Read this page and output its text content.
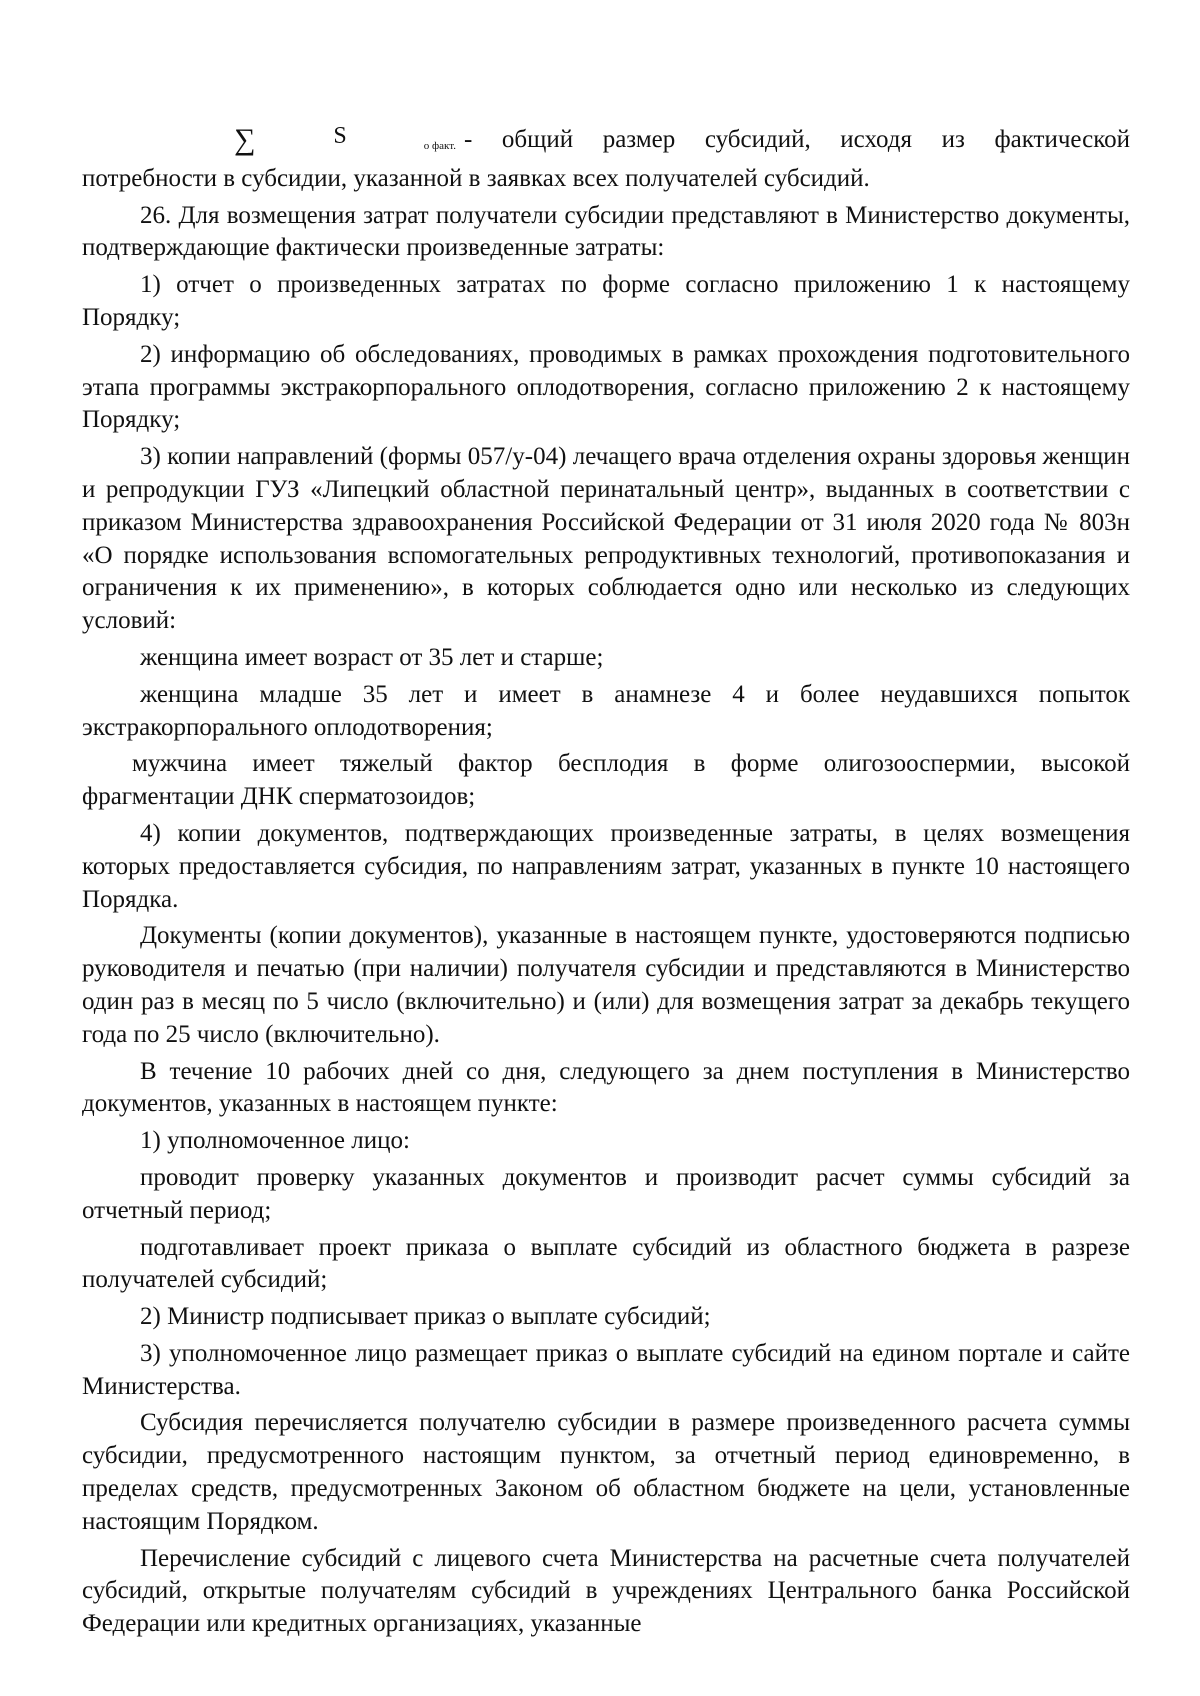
∑	S	о факт. - общий размер субсидий, исходя из фактической потребности в субсидии, указанной в заявках всех получателей субсидий.

26. Для возмещения затрат получатели субсидии представляют в Министерство документы, подтверждающие фактически произведенные затраты:

1) отчет о произведенных затратах по форме согласно приложению 1 к настоящему Порядку;

2) информацию об обследованиях, проводимых в рамках прохождения подготовительного этапа программы экстракорпорального оплодотворения, согласно приложению 2 к настоящему Порядку;

3) копии направлений (формы 057/у-04) лечащего врача отделения охраны здоровья женщин и репродукции ГУЗ «Липецкий областной перинатальный центр», выданных в соответствии с приказом Министерства здравоохранения Российской Федерации от 31 июля 2020 года № 803н «О порядке использования вспомогательных репродуктивных технологий, противопоказания и ограничения к их применению», в которых соблюдается одно или несколько из следующих условий:

женщина имеет возраст от 35 лет и старше;

женщина младше 35 лет и имеет в анамнезе 4 и более неудавшихся попыток экстракорпорального оплодотворения;

мужчина имеет тяжелый фактор бесплодия в форме олигозооспермии, высокой фрагментации ДНК сперматозоидов;

4) копии документов, подтверждающих произведенные затраты, в целях возмещения которых предоставляется субсидия, по направлениям затрат, указанных в пункте 10 настоящего Порядка.

Документы (копии документов), указанные в настоящем пункте, удостоверяются подписью руководителя и печатью (при наличии) получателя субсидии и представляются в Министерство один раз в месяц по 5 число (включительно) и (или) для возмещения затрат за декабрь текущего года по 25 число (включительно).

В течение 10 рабочих дней со дня, следующего за днем поступления в Министерство документов, указанных в настоящем пункте:

1) уполномоченное лицо:

проводит проверку указанных документов и производит расчет суммы субсидий за отчетный период;

подготавливает проект приказа о выплате субсидий из областного бюджета в разрезе получателей субсидий;

2) Министр подписывает приказ о выплате субсидий;

3) уполномоченное лицо размещает приказ о выплате субсидий на едином портале и сайте Министерства.

Субсидия перечисляется получателю субсидии в размере произведенного расчета суммы субсидии, предусмотренного настоящим пунктом, за отчетный период единовременно, в пределах средств, предусмотренных Законом об областном бюджете на цели, установленные настоящим Порядком.

Перечисление субсидий с лицевого счета Министерства на расчетные счета получателей субсидий, открытые получателям субсидий в учреждениях Центрального банка Российской Федерации или кредитных организациях, указанные
